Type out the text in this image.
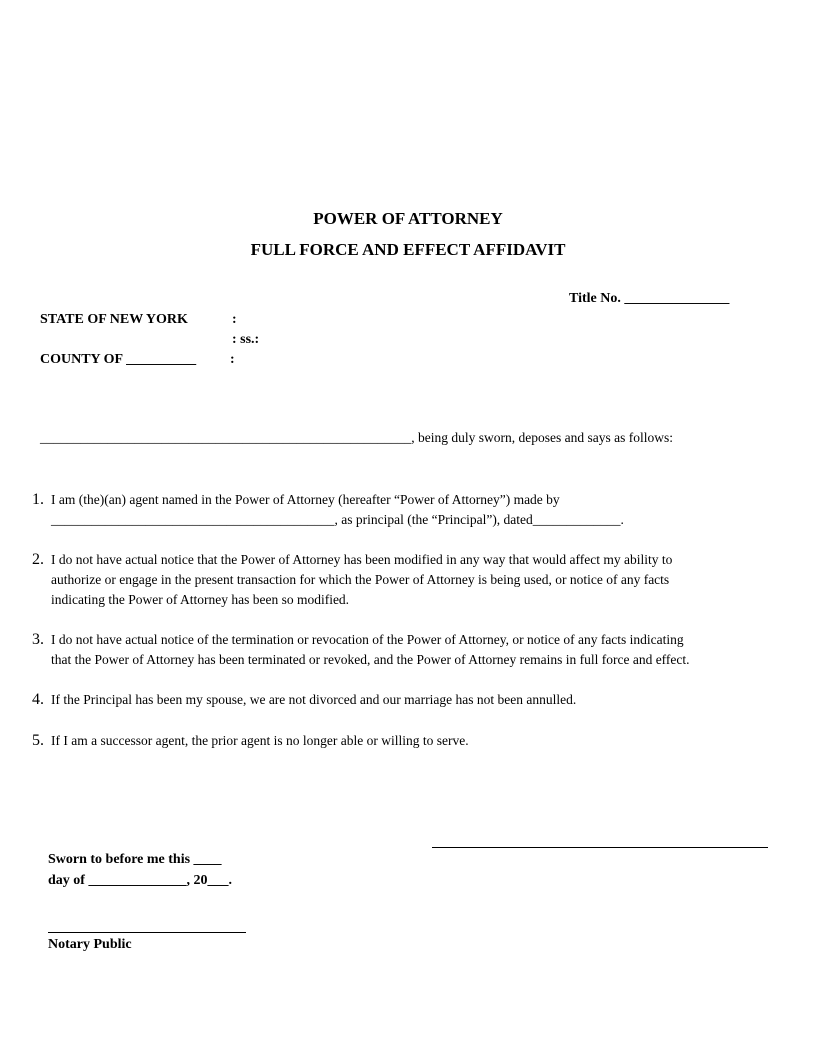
POWER OF ATTORNEY
FULL FORCE AND EFFECT AFFIDAVIT
Title No. _______________
STATE OF NEW YORK	:
: ss.:
COUNTY OF __________ :
_______________________________________________________, being duly sworn, deposes and says as follows:
1. I am (the)(an) agent named in the Power of Attorney (hereafter “Power of Attorney”) made by
__________________________________________, as principal (the “Principal”), dated_____________.
2. I do not have actual notice that the Power of Attorney has been modified in any way that would affect my ability to
authorize or engage in the present transaction for which the Power of Attorney is being used, or notice of any facts
indicating the Power of Attorney has been so modified.
3. I do not have actual notice of the termination or revocation of the Power of Attorney, or notice of any facts indicating
that the Power of Attorney has been terminated or revoked, and the Power of Attorney remains in full force and effect.
4. If the Principal has been my spouse, we are not divorced and our marriage has not been annulled.
5. If I am a successor agent, the prior agent is no longer able or willing to serve.
Sworn to before me this ____
day of ______________, 20___.
Notary Public
